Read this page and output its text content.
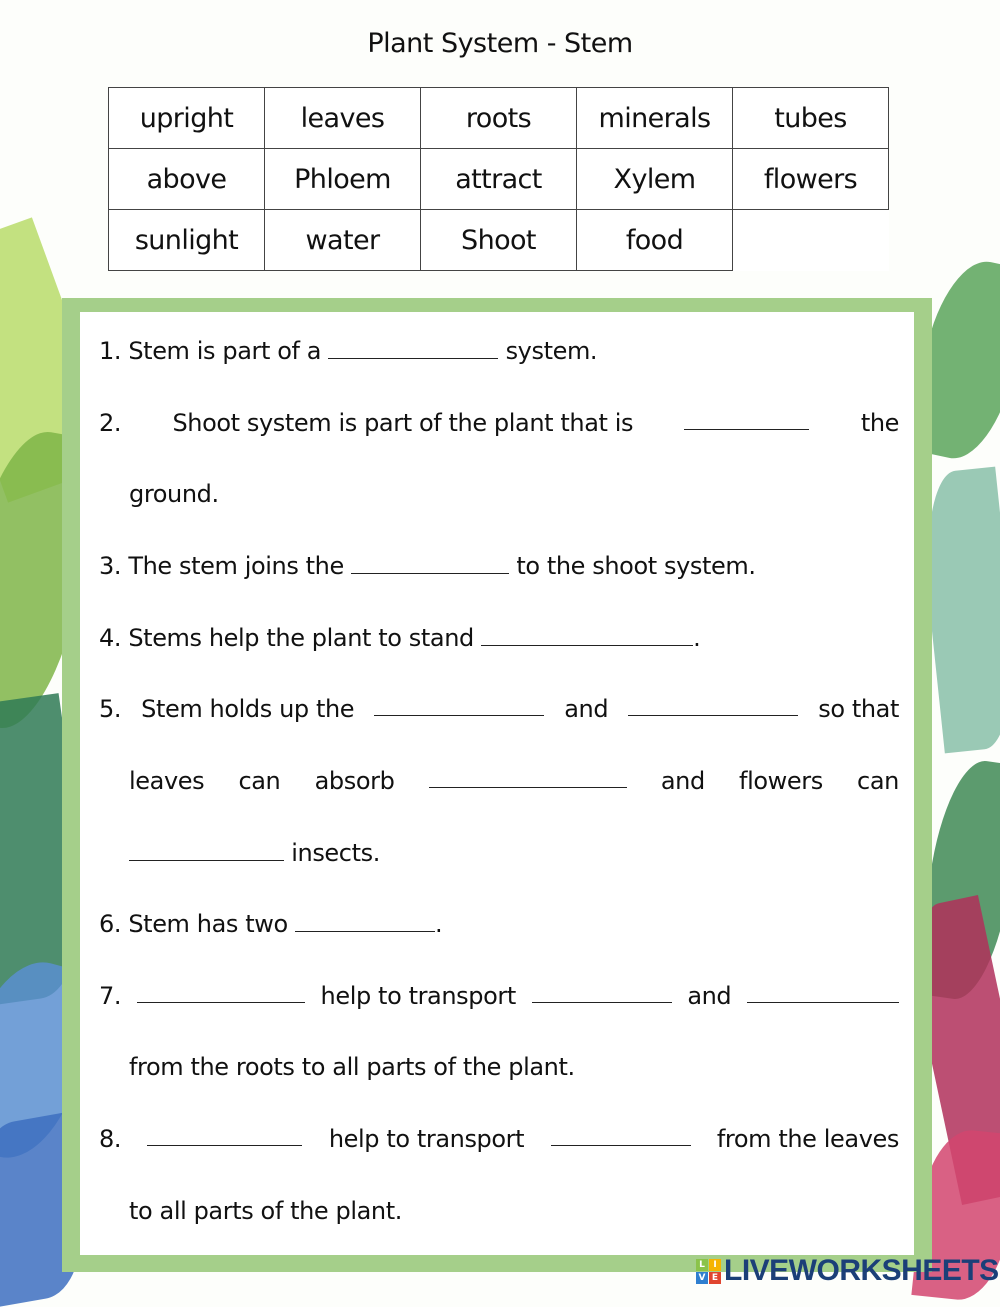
Plant System - Stem
upright	leaves	roots	minerals	tubes
above	Phloem	attract	Xylem	flowers
sunlight	water	Shoot	food	
1. Stem is part of a	system.
2. Shoot system is part of the plant that is	the
ground.
3. The stem joins the	to the shoot system.
4. Stems help the plant to stand	.
5. Stem holds up the	and	so that
leaves can absorb	and flowers can
insects.
6. Stem has two	.
7.	help to transport	and
from the roots to all parts of the plant.
8.	help to transport	from the leaves
to all parts of the plant.
L I
V E LIVEWORKSHEETS
